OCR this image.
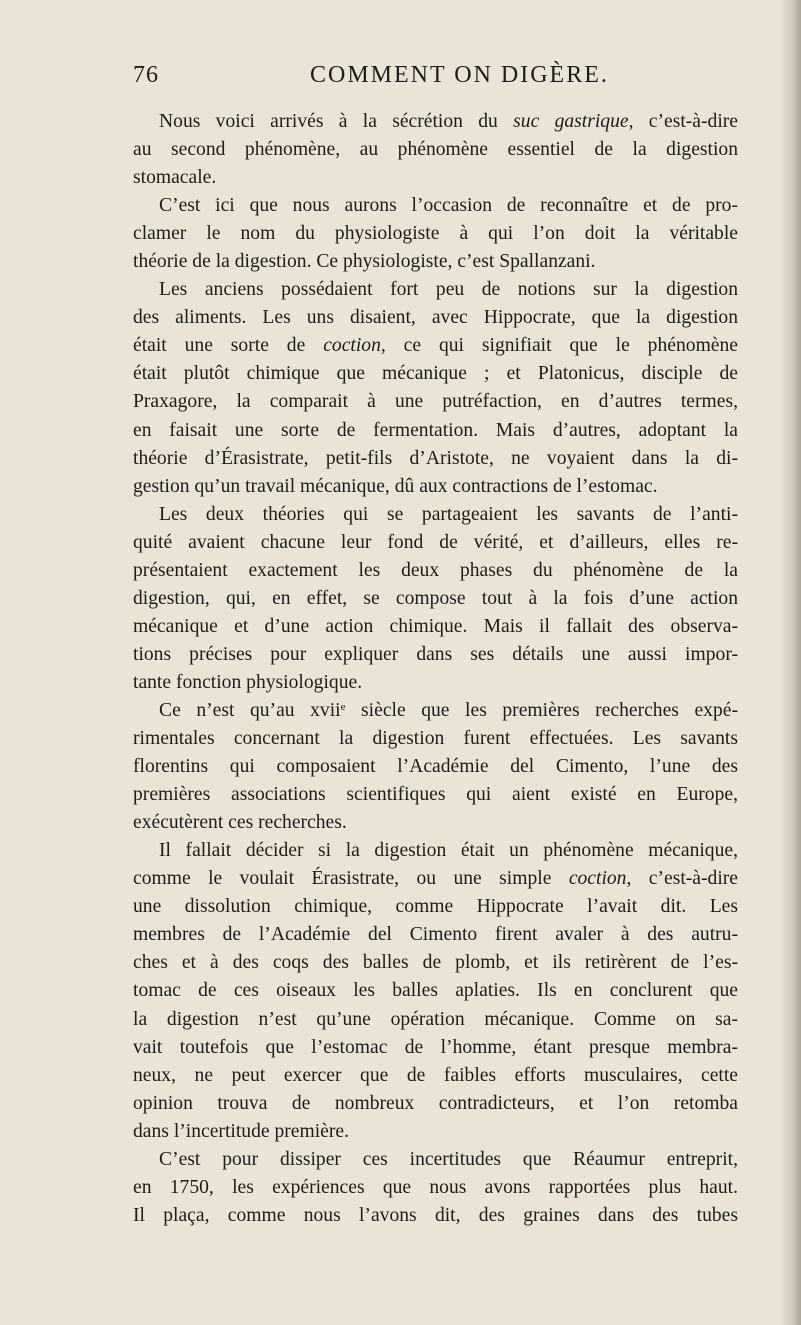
76	COMMENT ON DIGÈRE.
Nous voici arrivés à la sécrétion du suc gastrique, c’est-à-dire
au second phénomène, au phénomène essentiel de la digestion
stomacale.
C’est ici que nous aurons l’occasion de reconnaître et de pro-
clamer le nom du physiologiste à qui l’on doit la véritable
théorie de la digestion. Ce physiologiste, c’est Spallanzani.
Les anciens possédaient fort peu de notions sur la digestion
des aliments. Les uns disaient, avec Hippocrate, que la digestion
était une sorte de coction, ce qui signifiait que le phénomène
était plutôt chimique que mécanique ; et Platonicus, disciple de
Praxagore, la comparait à une putréfaction, en d’autres termes,
en faisait une sorte de fermentation. Mais d’autres, adoptant la
théorie d’Érasistrate, petit-fils d’Aristote, ne voyaient dans la di-
gestion qu’un travail mécanique, dû aux contractions de l’estomac.
Les deux théories qui se partageaient les savants de l’anti-
quité avaient chacune leur fond de vérité, et d’ailleurs, elles re-
présentaient exactement les deux phases du phénomène de la
digestion, qui, en effet, se compose tout à la fois d’une action
mécanique et d’une action chimique. Mais il fallait des observa-
tions précises pour expliquer dans ses détails une aussi impor-
tante fonction physiologique.
Ce n’est qu’au xvii$^e$ siècle que les premières recherches expé-
rimentales concernant la digestion furent effectuées. Les savants
florentins qui composaient l’Académie del Cimento, l’une des
premières associations scientifiques qui aient existé en Europe,
exécutèrent ces recherches.
Il fallait décider si la digestion était un phénomène mécanique,
comme le voulait Érasistrate, ou une simple coction, c’est-à-dire
une dissolution chimique, comme Hippocrate l’avait dit. Les
membres de l’Académie del Cimento firent avaler à des autru-
ches et à des coqs des balles de plomb, et ils retirèrent de l’es-
tomac de ces oiseaux les balles aplaties. Ils en conclurent que
la digestion n’est qu’une opération mécanique. Comme on sa-
vait toutefois que l’estomac de l’homme, étant presque membra-
neux, ne peut exercer que de faibles efforts musculaires, cette
opinion trouva de nombreux contradicteurs, et l’on retomba
dans l’incertitude première.
C’est pour dissiper ces incertitudes que Réaumur entreprit,
en 1750, les expériences que nous avons rapportées plus haut.
Il plaça, comme nous l’avons dit, des graines dans des tubes
